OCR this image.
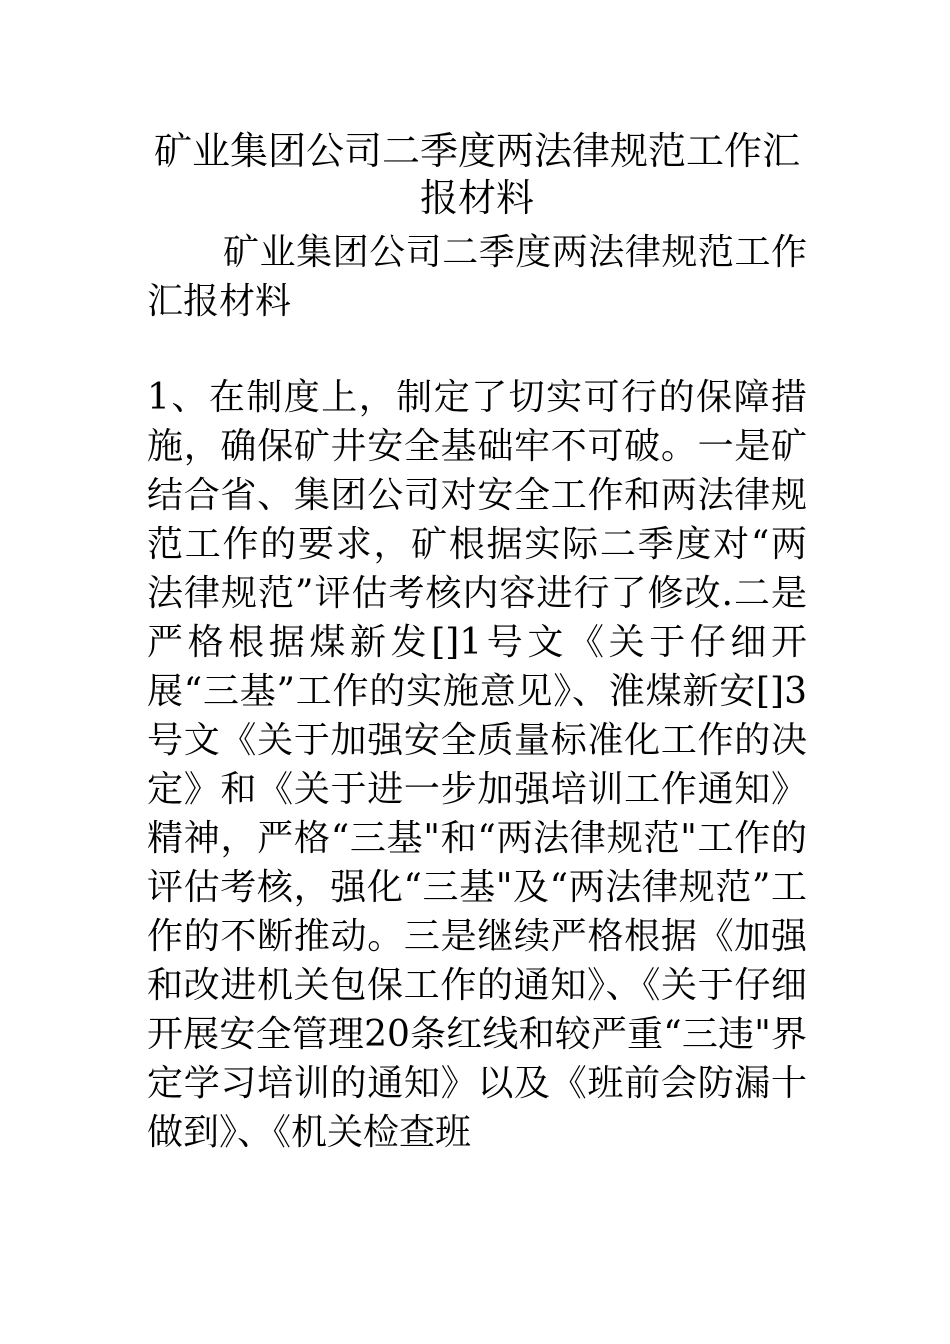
矿业集团公司二季度两法律规范工作汇报材料

矿业集团公司二季度两法律规范工作汇报材料

1、在制度上，制定了切实可行的保障措施，确保矿井安全基础牢不可破。一是矿结合省、集团公司对安全工作和两法律规范工作的要求，矿根据实际二季度对“两法律规范”评估考核内容进行了修改.二是严格根据煤新发[]1号文《关于仔细开展“三基”工作的实施意见》、淮煤新安[]3号文《关于加强安全质量标准化工作的决定》和《关于进一步加强培训工作通知》精神，严格“三基"和“两法律规范"工作的评估考核，强化“三基"及“两法律规范”工作的不断推动。三是继续严格根据《加强和改进机关包保工作的通知》、《关于仔细开展安全管理20条红线和较严重“三违"界定学习培训的通知》以及《班前会防漏十做到》、《机关检查班
